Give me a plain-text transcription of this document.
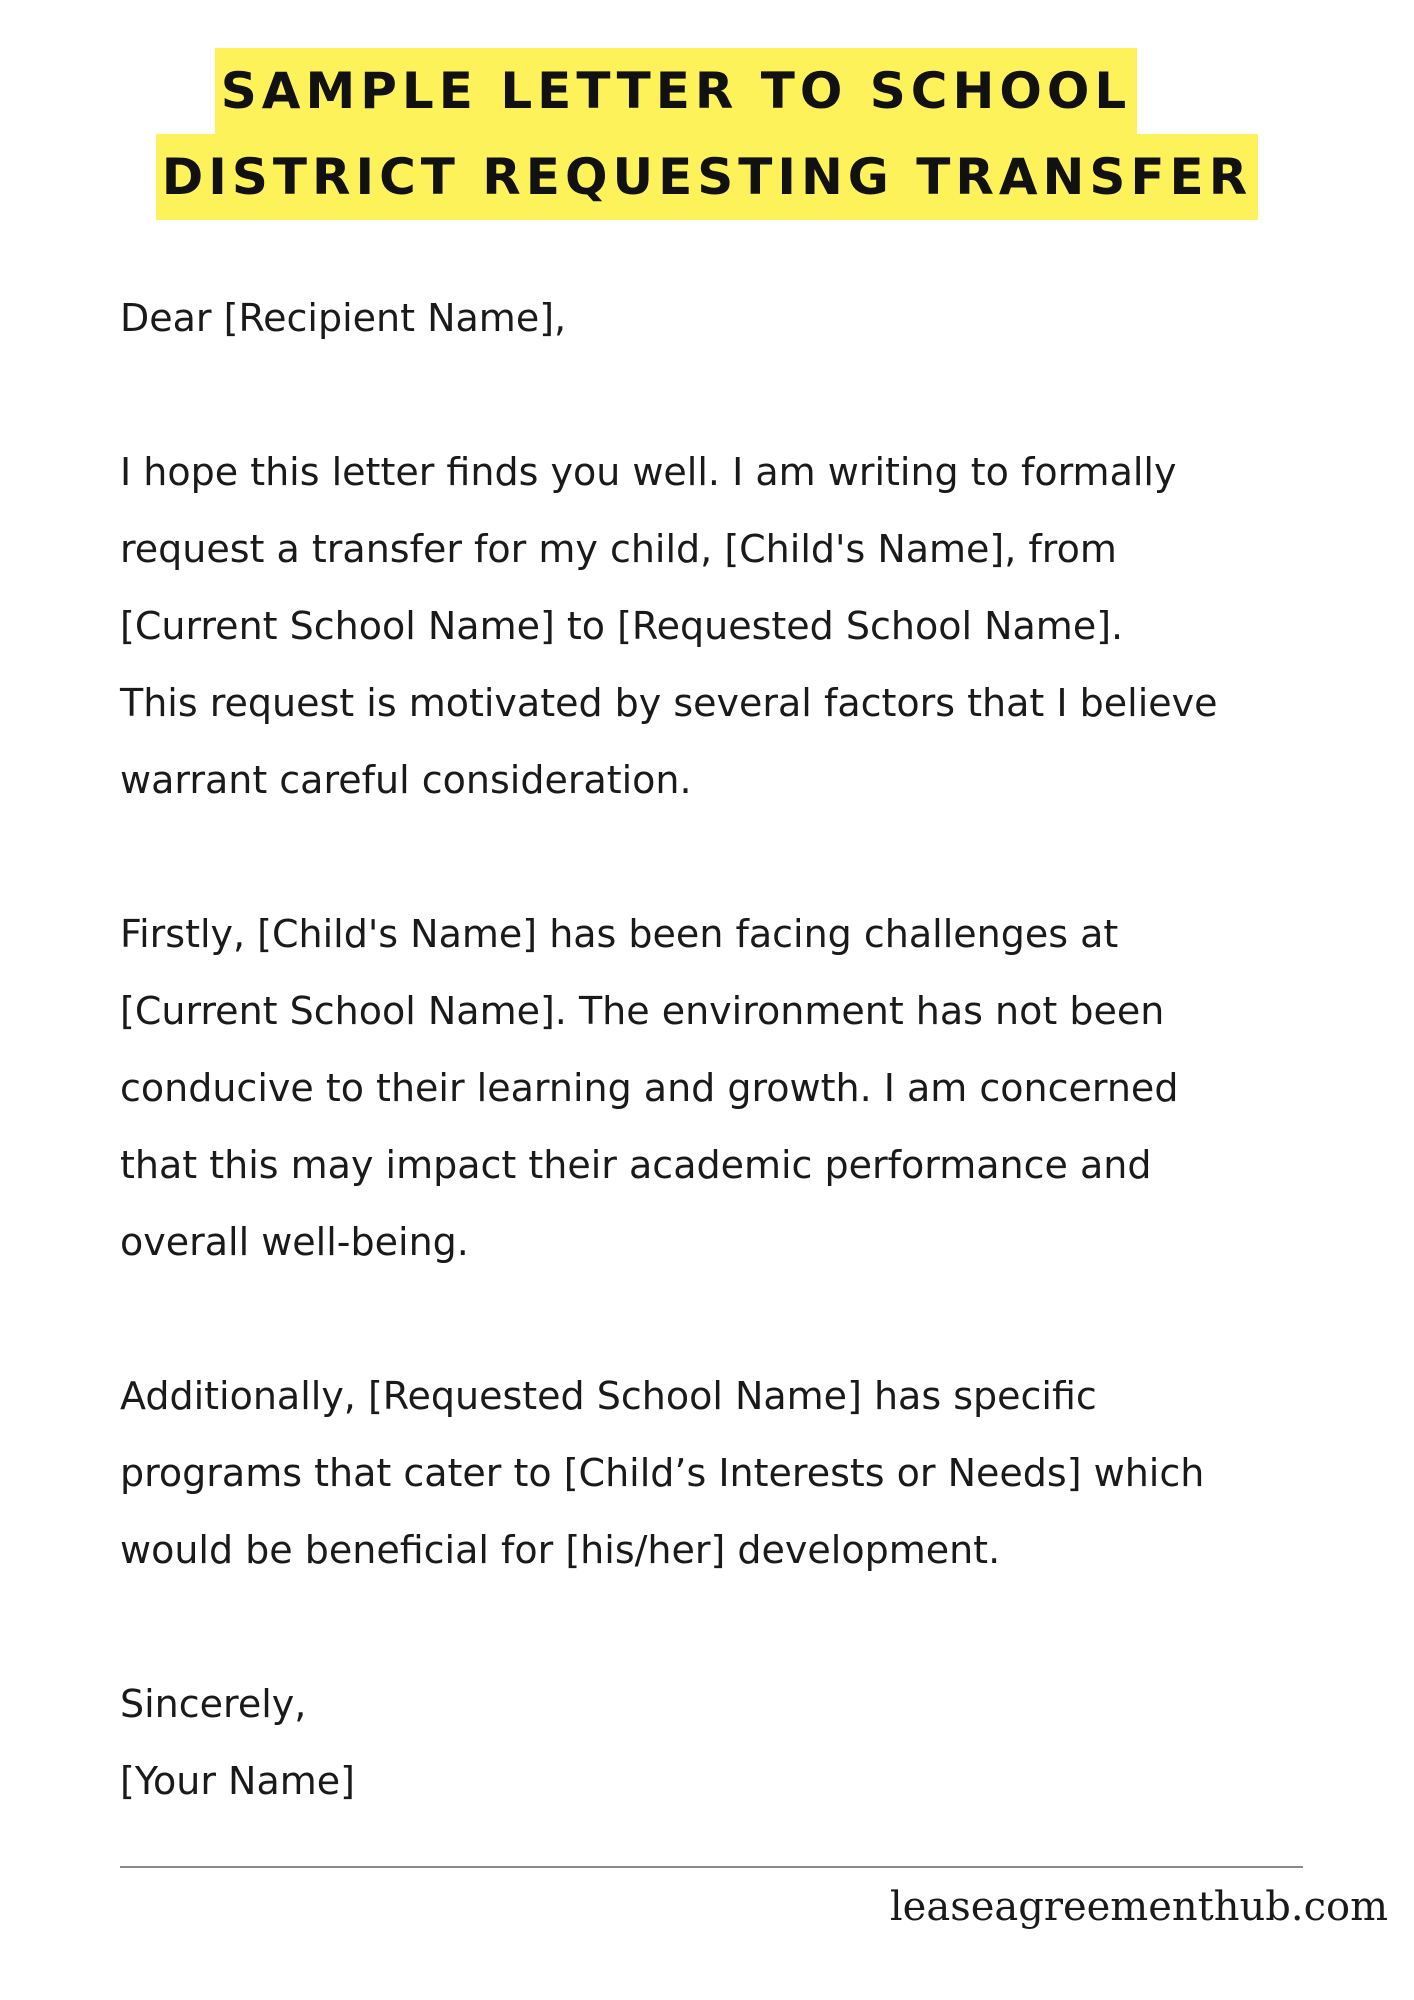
SAMPLE LETTER TO SCHOOL
DISTRICT REQUESTING TRANSFER

Dear [Recipient Name],

I hope this letter finds you well. I am writing to formally

request a transfer for my child, [Child's Name], from

[Current School Name] to [Requested School Name].

This request is motivated by several factors that I believe

warrant careful consideration.

Firstly, [Child's Name] has been facing challenges at

[Current School Name]. The environment has not been

conducive to their learning and growth. I am concerned

that this may impact their academic performance and

overall well-being.

Additionally, [Requested School Name] has specific

programs that cater to [Child’s Interests or Needs] which

would be beneficial for [his/her] development.

Sincerely,

[Your Name]

leaseagreementhub.com
